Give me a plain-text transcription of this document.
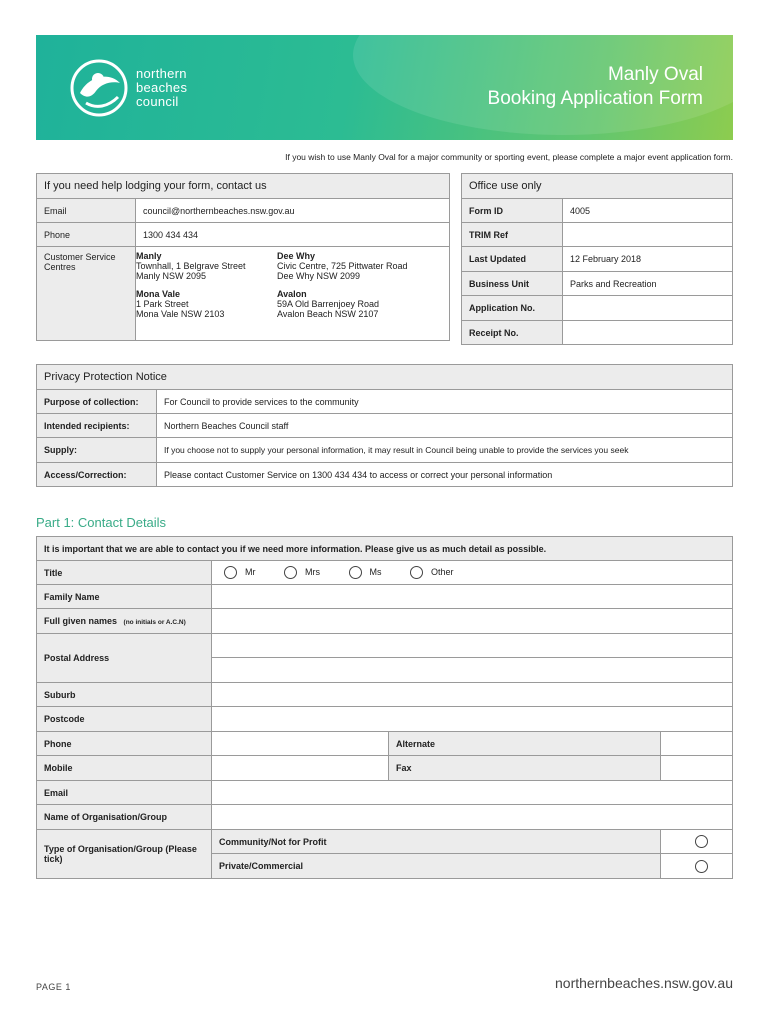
northern
beaches
council
Manly Oval
Booking Application Form
If you wish to use Manly Oval for a major community or sporting event, please complete a major event application form.
If you need help lodging your form, contact us
Email	council@northernbeaches.nsw.gov.au
Phone	1300 434 434
Customer Service Centres	
Manly
Townhall, 1 Belgrave Street
Manly NSW 2095

Dee Why
Civic Centre, 725 Pittwater Road
Dee Why NSW 2099

Mona Vale
1 Park Street
Mona Vale NSW 2103

Avalon
59A Old Barrenjoey Road
Avalon Beach NSW 2107
Office use only	
Form ID	4005
TRIM Ref	
Last Updated	12 February 2018
Business Unit	Parks and Recreation
Application No.	
Receipt No.	
Privacy Protection Notice	
Purpose of collection:	For Council to provide services to the community
Intended recipients:	Northern Beaches Council staff
Supply:	If you choose not to supply your personal information, it may result in Council being unable to provide the services you seek
Access/Correction:	Please contact Customer Service on 1300 434 434 to access or correct your personal information
Part 1: Contact Details
It is important that we are able to contact you if we need more information. Please give us as much detail as possible.			
Title	Mr Mrs Ms Other		
Family Name			
Full given names (no initials or A.C.N)			
Postal Address			

Suburb			
Postcode			
Phone		Alternate	
Mobile		Fax	
Email			
Name of Organisation/Group			
Type of Organisation/Group (Please tick)	Community/Not for Profit		
	Private/Commercial		
PAGE 1	northernbeaches.nsw.gov.au
